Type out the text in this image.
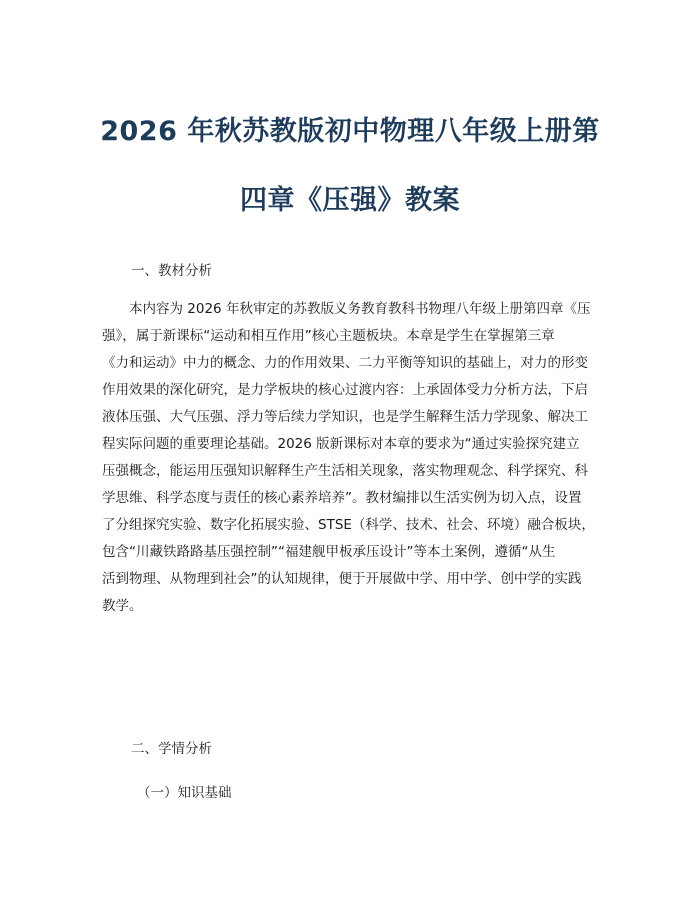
2026 年秋苏教版初中物理八年级上册第
四章《压强》教案
一、教材分析
本内容为 2026 年秋审定的苏教版义务教育教科书物理八年级上册第四章《压
强》，属于新课标“运动和相互作用”核心主题板块。本章是学生在掌握第三章
《力和运动》中力的概念、力的作用效果、二力平衡等知识的基础上，对力的形变
作用效果的深化研究，是力学板块的核心过渡内容：上承固体受力分析方法，下启
液体压强、大气压强、浮力等后续力学知识，也是学生解释生活力学现象、解决工
程实际问题的重要理论基础。2026 版新课标对本章的要求为“通过实验探究建立
压强概念，能运用压强知识解释生产生活相关现象，落实物理观念、科学探究、科
学思维、科学态度与责任的核心素养培养”。教材编排以生活实例为切入点，设置
了分组探究实验、数字化拓展实验、STSE（科学、技术、社会、环境）融合板块，
包含“川藏铁路路基压强控制”“福建舰甲板承压设计”等本土案例，遵循“从生
活到物理、从物理到社会”的认知规律，便于开展做中学、用中学、创中学的实践
教学。
二、学情分析
（一）知识基础
